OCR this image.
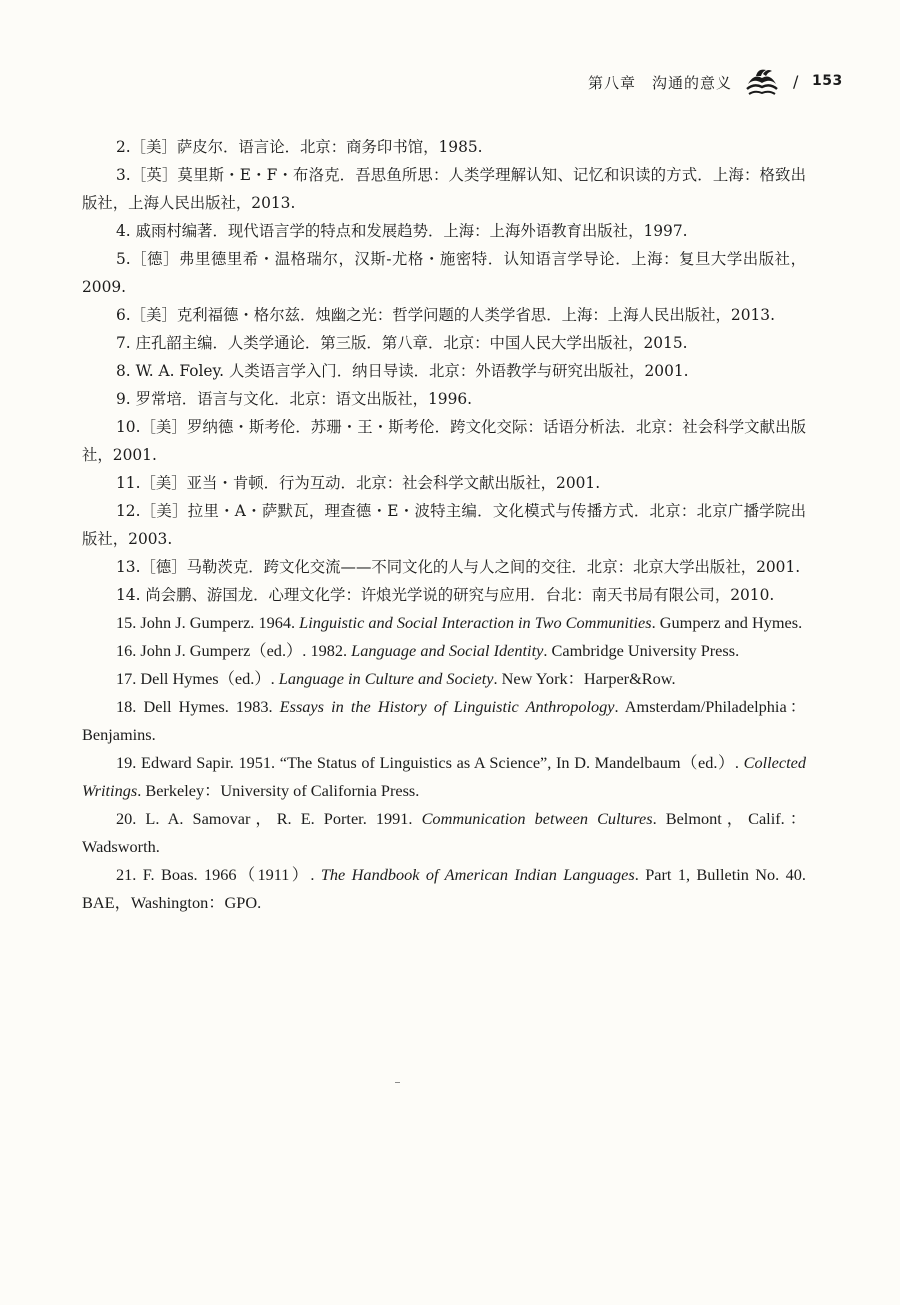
第八章　沟通的意义	/ 153

2.［美］萨皮尔．语言论．北京：商务印书馆，1985.

3.［英］莫里斯・E・F・布洛克．吾思鱼所思：人类学理解认知、记忆和识读的方式．上海：格致出版社，上海人民出版社，2013.

4. 戚雨村编著．现代语言学的特点和发展趋势．上海：上海外语教育出版社，1997.

5.［德］弗里德里希・温格瑞尔，汉斯-尤格・施密特．认知语言学导论．上海：复旦大学出版社，2009.

6.［美］克利福德・格尔兹．烛幽之光：哲学问题的人类学省思．上海：上海人民出版社，2013.

7. 庄孔韶主编．人类学通论．第三版．第八章．北京：中国人民大学出版社，2015.

8. W. A. Foley. 人类语言学入门．纳日导读．北京：外语教学与研究出版社，2001.

9. 罗常培．语言与文化．北京：语文出版社，1996.

10.［美］罗纳德・斯考伦．苏珊・王・斯考伦．跨文化交际：话语分析法．北京：社会科学文献出版社，2001.

11.［美］亚当・肯顿．行为互动．北京：社会科学文献出版社，2001.

12.［美］拉里・A・萨默瓦，理查德・E・波特主编．文化模式与传播方式．北京：北京广播学院出版社，2003.

13.［德］马勒茨克．跨文化交流——不同文化的人与人之间的交往．北京：北京大学出版社，2001.

14. 尚会鹏、游国龙．心理文化学：许烺光学说的研究与应用．台北：南天书局有限公司，2010.

15. John J. Gumperz. 1964. Linguistic and Social Interaction in Two Communities. Gumperz and Hymes.

16. John J. Gumperz（ed.）. 1982. Language and Social Identity. Cambridge University Press.

17. Dell Hymes（ed.）. Language in Culture and Society. New York：Harper&Row.

18. Dell Hymes. 1983. Essays in the History of Linguistic Anthropology. Amsterdam/Philadelphia：Benjamins.

19. Edward Sapir. 1951. “The Status of Linguistics as A Science”, In D. Mandelbaum（ed.）. Collected Writings. Berkeley：University of California Press.

20. L. A. Samovar，R. E. Porter. 1991. Communication between Cultures. Belmont，Calif.：Wadsworth.

21. F. Boas. 1966（1911）. The Handbook of American Indian Languages. Part 1, Bulletin No. 40. BAE，Washington：GPO.
